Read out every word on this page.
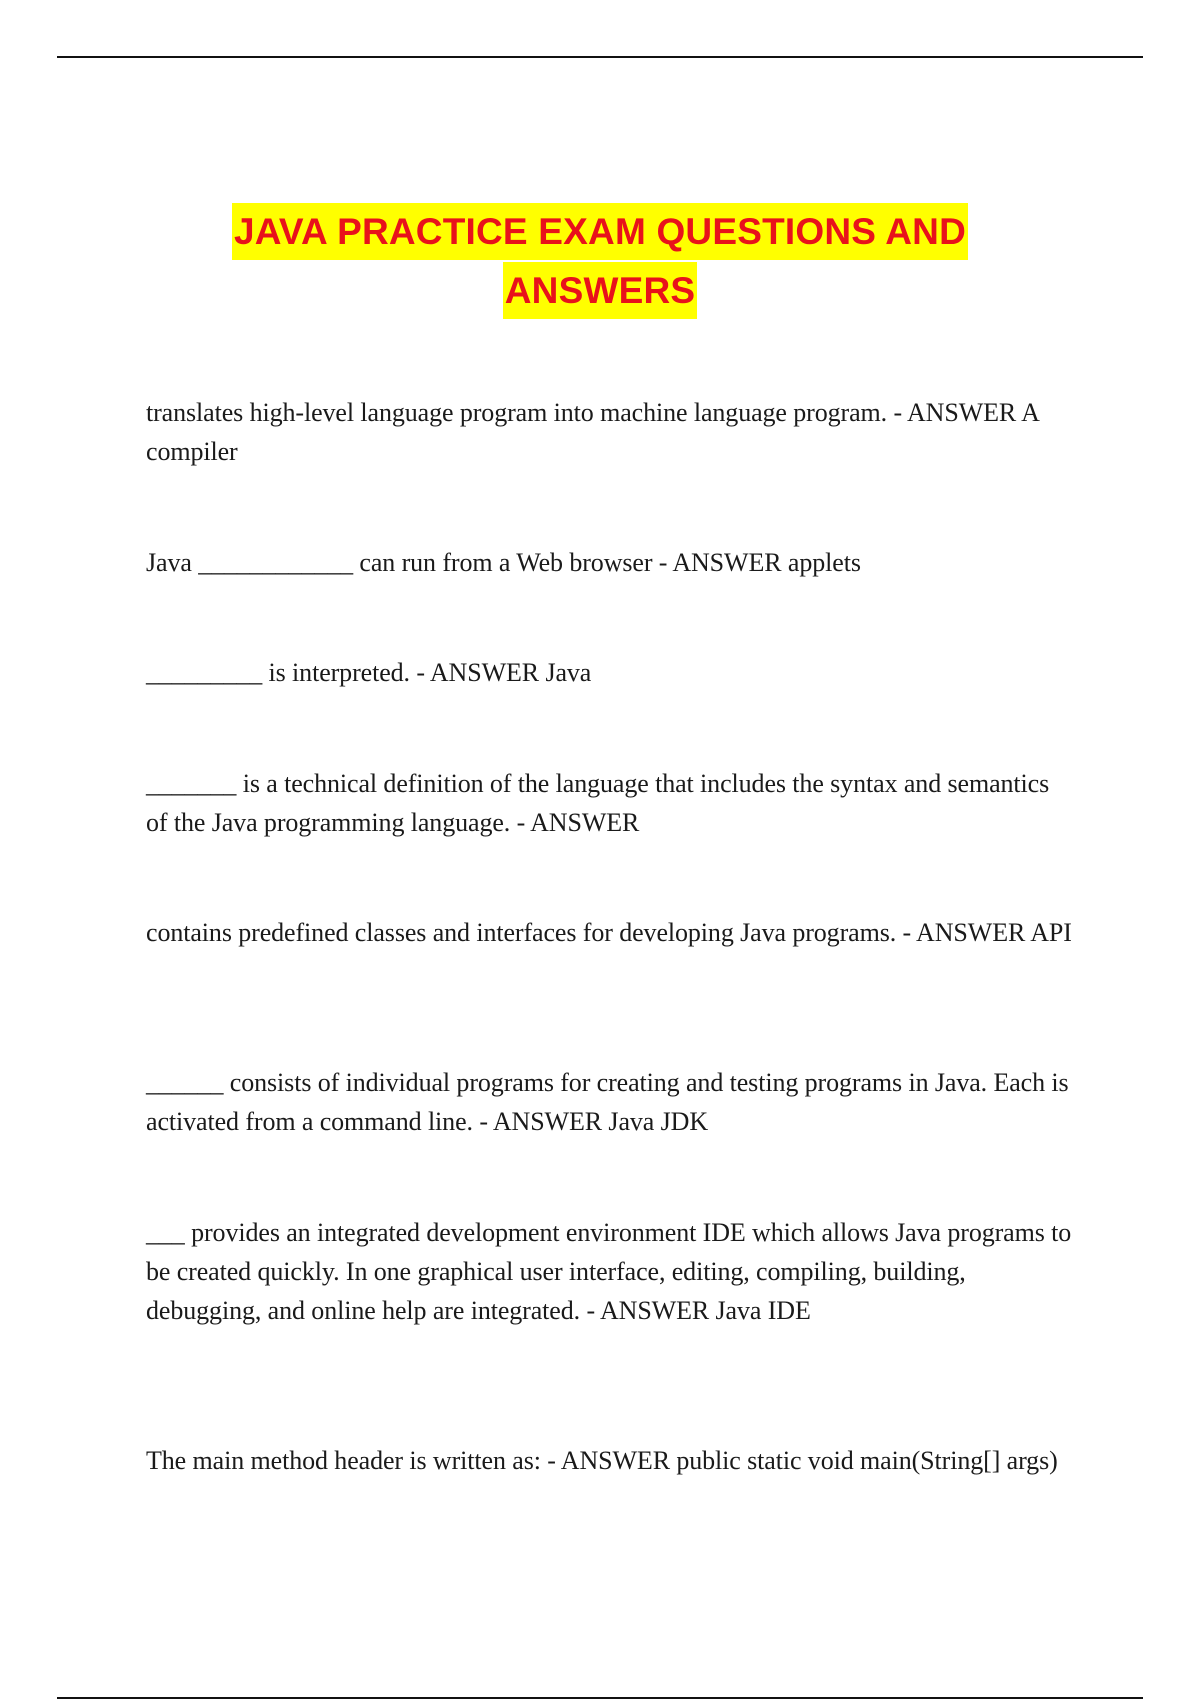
JAVA PRACTICE EXAM QUESTIONS AND
ANSWERS

translates high-level language program into machine language program. - ANSWER A compiler

Java ____________ can run from a Web browser - ANSWER applets

_________ is interpreted. - ANSWER Java

_______ is a technical definition of the language that includes the syntax and semantics of the Java programming language. - ANSWER

contains predefined classes and interfaces for developing Java programs. - ANSWER API

______ consists of individual programs for creating and testing programs in Java. Each is activated from a command line. - ANSWER Java JDK

___ provides an integrated development environment IDE which allows Java programs to be created quickly. In one graphical user interface, editing, compiling, building, debugging, and online help are integrated. - ANSWER Java IDE

The main method header is written as: - ANSWER public static void main(String[] args)
